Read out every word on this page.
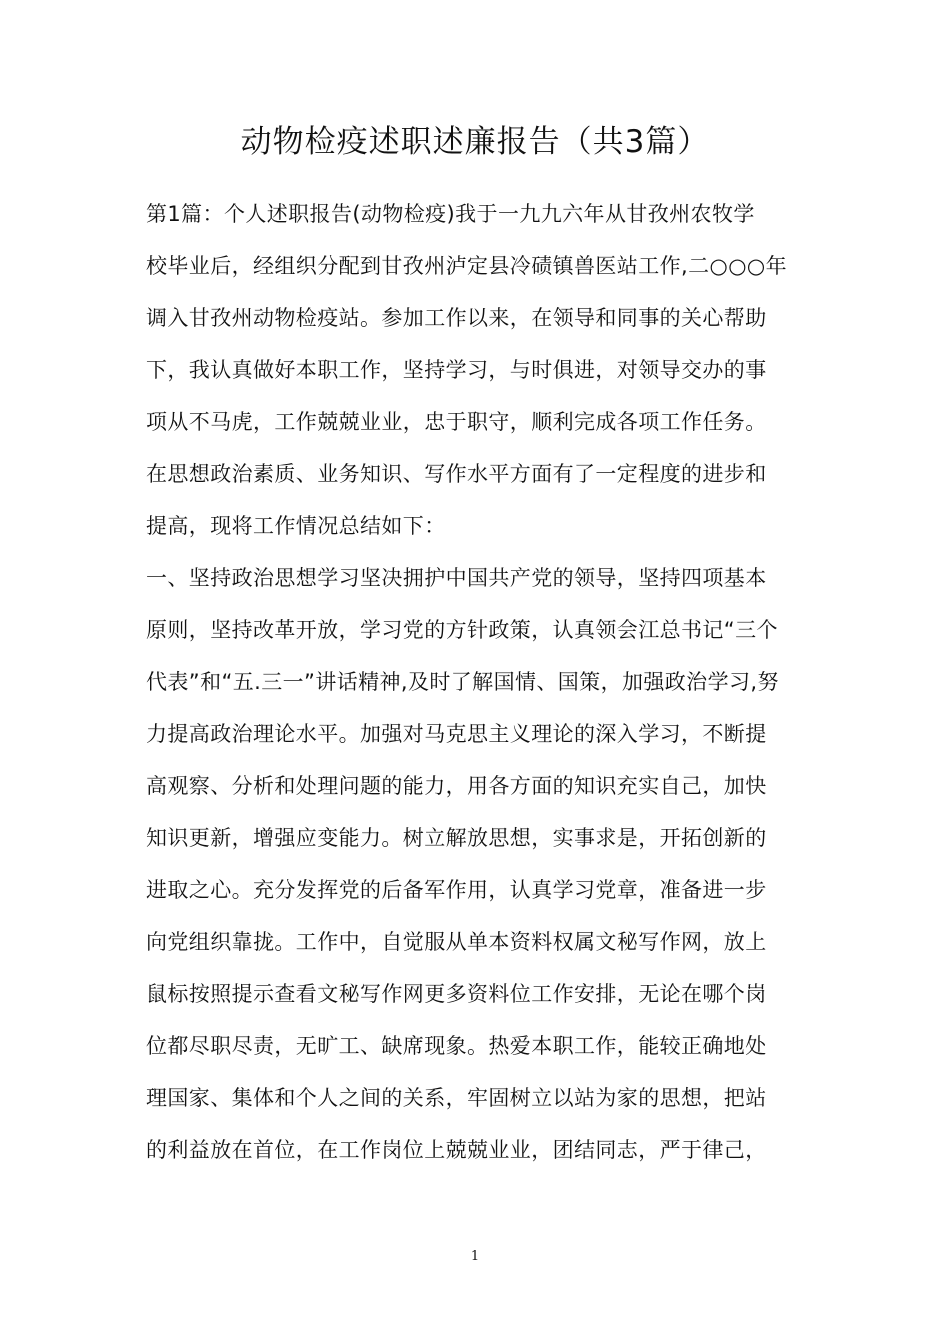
动物检疫述职述廉报告（共3篇）
第1篇：个人述职报告(动物检疫)我于一九九六年从甘孜州农牧学
校毕业后，经组织分配到甘孜州泸定县冷碛镇兽医站工作,二○○○年
调入甘孜州动物检疫站。参加工作以来，在领导和同事的关心帮助
下，我认真做好本职工作，坚持学习，与时俱进，对领导交办的事
项从不马虎，工作兢兢业业，忠于职守，顺利完成各项工作任务。
在思想政治素质、业务知识、写作水平方面有了一定程度的进步和
提高，现将工作情况总结如下：
一、坚持政治思想学习坚决拥护中国共产党的领导，坚持四项基本
原则，坚持改革开放，学习党的方针政策，认真领会江总书记“三个
代表”和“五.三一”讲话精神,及时了解国情、国策，加强政治学习,努
力提高政治理论水平。加强对马克思主义理论的深入学习，不断提
高观察、分析和处理问题的能力，用各方面的知识充实自己，加快
知识更新，增强应变能力。树立解放思想，实事求是，开拓创新的
进取之心。充分发挥党的后备军作用，认真学习党章，准备进一步
向党组织靠拢。工作中，自觉服从单本资料权属文秘写作网，放上
鼠标按照提示查看文秘写作网更多资料位工作安排，无论在哪个岗
位都尽职尽责，无旷工、缺席现象。热爱本职工作，能较正确地处
理国家、集体和个人之间的关系，牢固树立以站为家的思想，把站
的利益放在首位，在工作岗位上兢兢业业，团结同志，严于律己，
1
